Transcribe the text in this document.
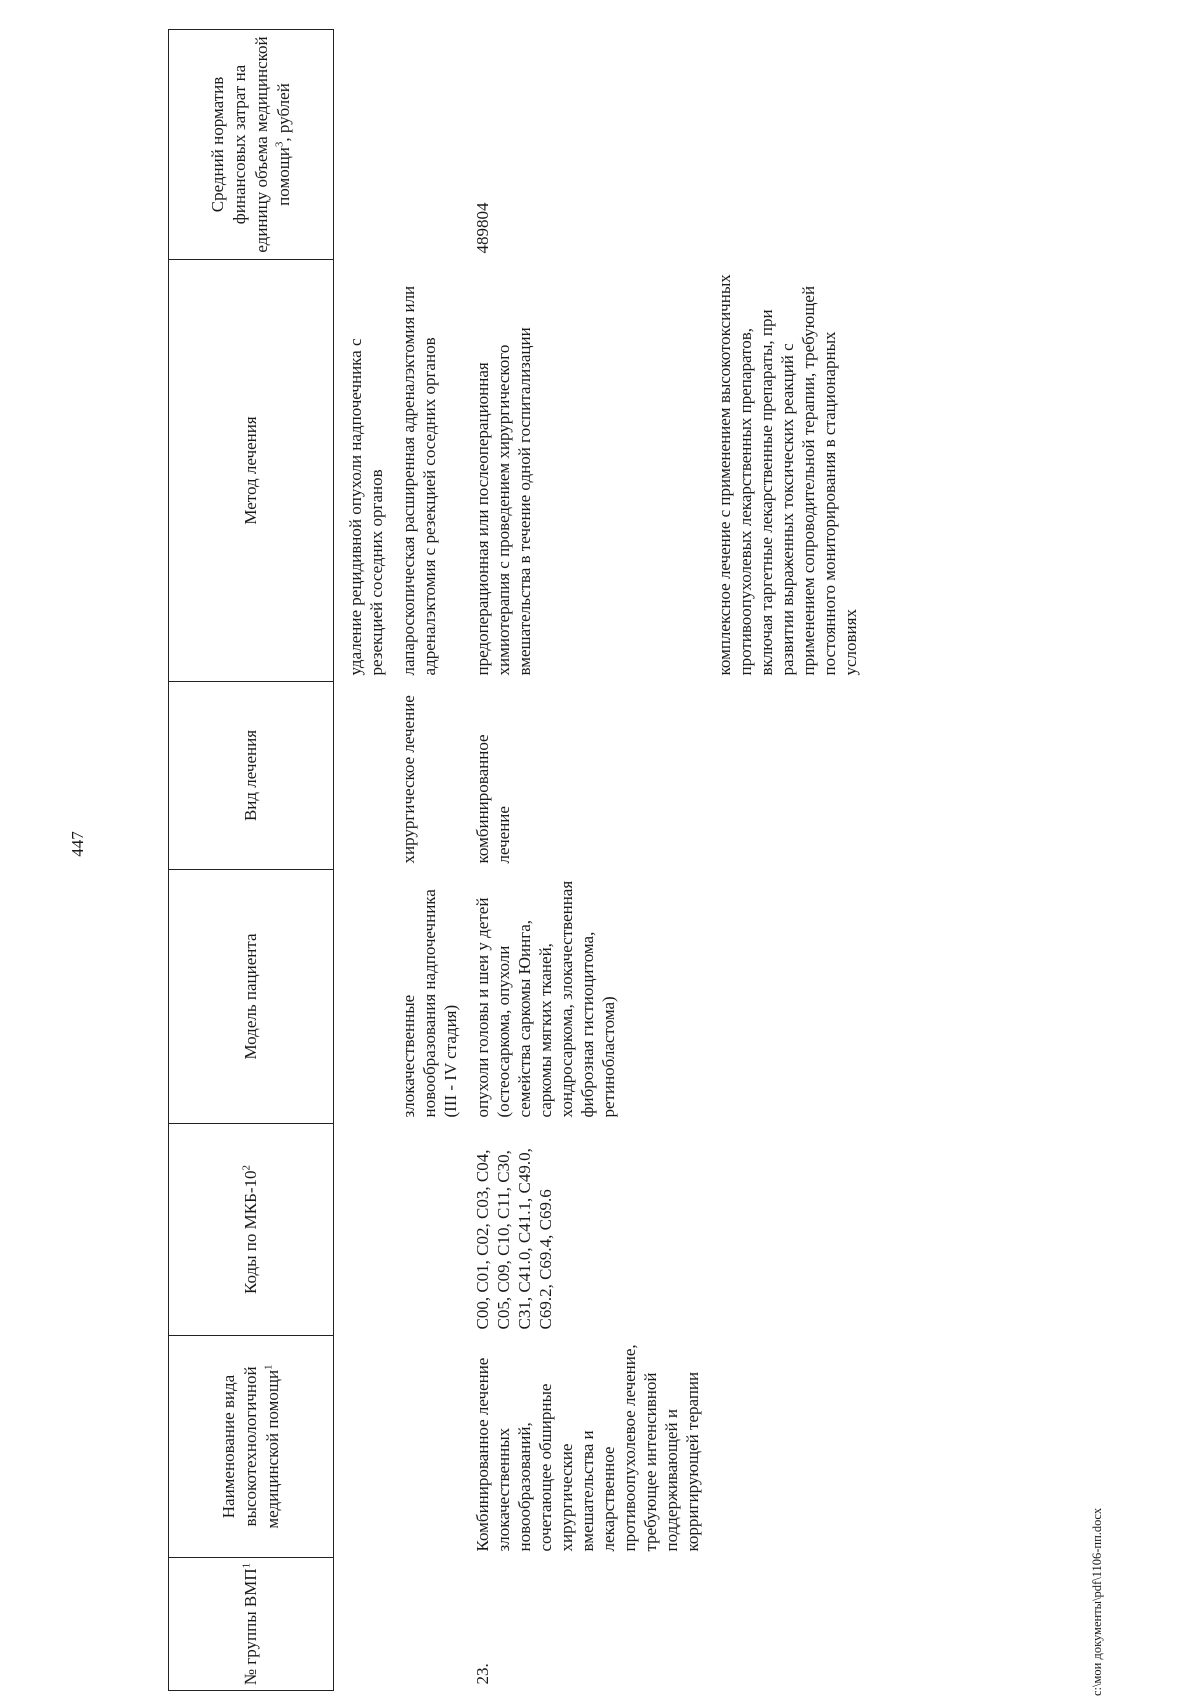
447
№ группы ВМП$^1$	Наименование вида высокотехнологичной медицинской помощи$^1$	Коды по МКБ-$10^2$	Модель пациента	Вид лечения	Метод лечения	Средний норматив финансовых затрат на единицу объема медицинской помощи$^3$, рублей

					удаление рецидивной опухоли надпочечника с резекцией соседних органов	

			злокачественные новообразования надпочечника (III - IV стадия)	хирургическое лечение	лапароскопическая расширенная адреналэктомия или адреналэктомия с резекцией соседних органов	

23.	Комбинированное лечение злокачественных новообразований, сочетающее обширные хирургические вмешательства и лекарственное противоопухолевое лечение, требующее интенсивной поддерживающей и корригирующей терапии	C00, C01, C02, C03, C04, C05, C09, C10, C11, C30, C31, C41.0, C41.1, C49.0, C69.2, C69.4, C69.6	опухоли головы и шеи у детей (остеосаркома, опухоли семейства саркомы Юинга, саркомы мягких тканей, хондросаркома, злокачественная фиброзная гистиоцитома, ретинобластома)	комбинированное лечение	предоперационная или послеоперационная химиотерапия с проведением хирургического вмешательства в течение одной госпитализации	489804

					комплексное лечение с применением высокотоксичных противоопухолевых лекарственных препаратов, включая таргетные лекарственные препараты, при развитии выраженных токсических реакций с применением сопроводительной терапии, требующей постоянного мониторирования в стационарных условиях	
c:\мои документы\pdf\1106-пп.docx
